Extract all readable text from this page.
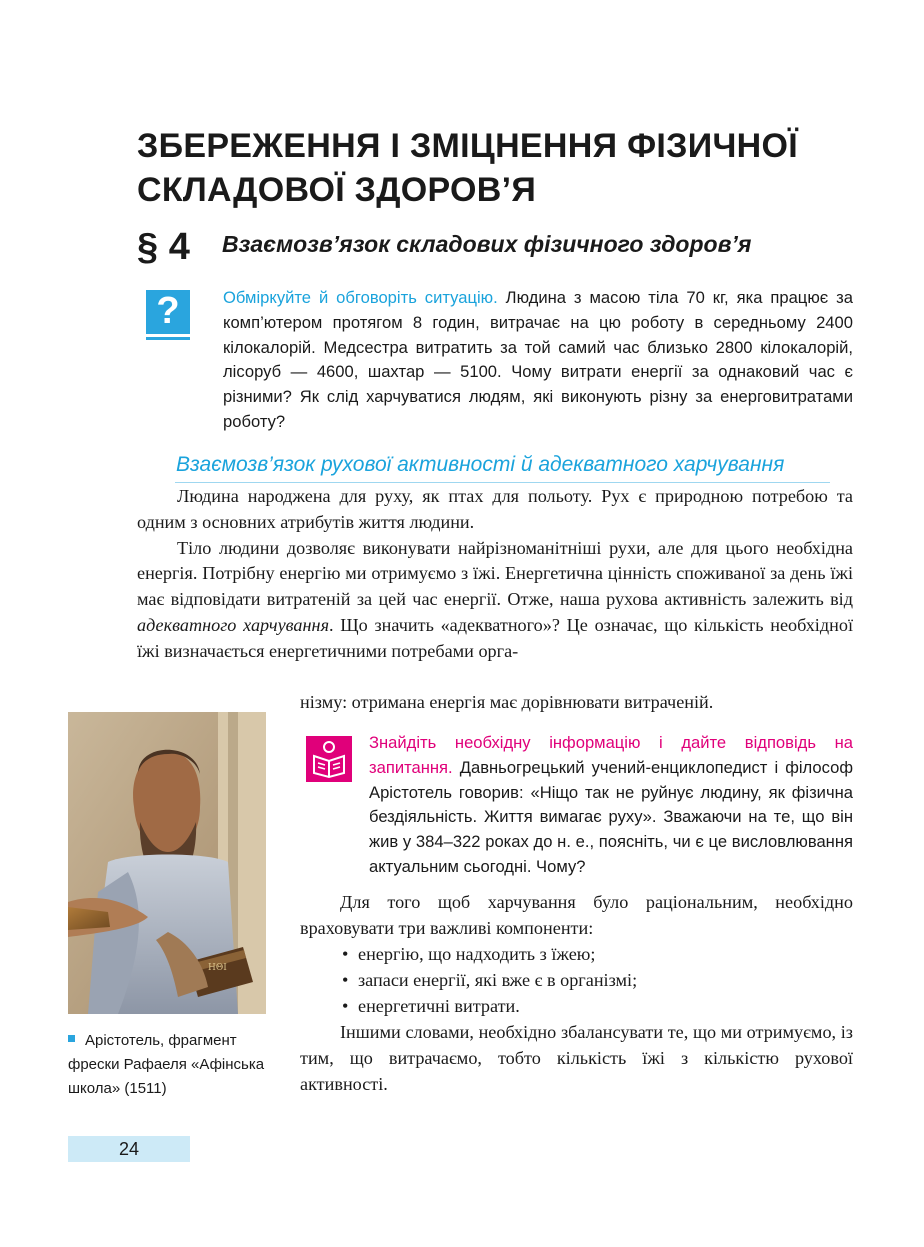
ЗБЕРЕЖЕННЯ І ЗМІЦНЕННЯ ФІЗИЧНОЇ
СКЛАДОВОЇ ЗДОРОВ’Я
§ 4 Взаємозв’язок складових фізичного здоров’я
?	Обміркуйте й обговоріть ситуацію. Людина з масою тіла 70 кг, яка працює за комп’ютером протягом 8 годин, витрачає на цю роботу в середньому 2400 кілокалорій. Медсестра витратить за той самий час близько 2800 кілокалорій, лісоруб — 4600, шахтар — 5100. Чому витрати енергії за однаковий час є різними? Як слід харчуватися людям, які виконують різну за енерговитратами роботу?
Взаємозв’язок рухової активності й адекватного харчування

Людина народжена для руху, як птах для польоту. Рух є природною потребою та одним з основних атрибутів життя людини.

Тіло людини дозволяє виконувати найрізноманітніші рухи, але для цього необхідна енергія. Потрібну енергію ми отримуємо з їжі. Енергетична цінність споживаної за день їжі має відповідати витратеній за цей час енергії. Отже, наша рухова активність залежить від адекватного харчування. Що значить «адекватного»? Це означає, що кількість необхідної їжі визначається енергетичними потребами орга-

нізму: отримана енергія має дорівнювати витраченій.
ΗΘΙ
Арістотель, фрагмент фрески Рафаеля «Афінська школа» (1511)
Знайдіть необхідну інформацію і дайте відповідь на запитання. Давньогрецький учений-енциклопедист і філософ Арістотель говорив: «Ніщо так не руйнує людину, як фізична бездіяльність. Життя вимагає руху». Зважаючи на те, що він жив у 384–322 роках до н. е., поясніть, чи є це висловлювання актуальним сьогодні. Чому?

Для того щоб харчування було раціональним, необхідно враховувати три важливі компоненти:

• енергію, що надходить з їжею;
• запаси енергії, які вже є в організмі;
• енергетичні витрати.

Іншими словами, необхідно збалансувати те, що ми отримуємо, із тим, що витрачаємо, тобто кількість їжі з кількістю рухової активності.

24
